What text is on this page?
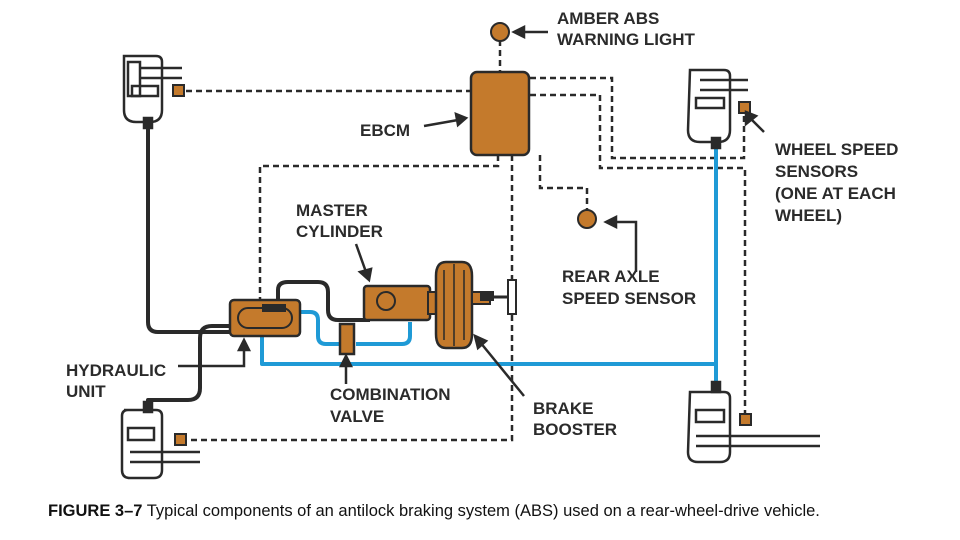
AMBER ABS WARNING LIGHT
EBCM
WHEEL SPEED SENSORS (ONE AT EACH WHEEL)
MASTER CYLINDER
REAR AXLE SPEED SENSOR
HYDRAULIC UNIT	COMBINATION VALVE	BRAKE BOOSTER
FIGURE 3–7 Typical components of an antilock braking system (ABS) used on a rear-wheel-drive vehicle.
